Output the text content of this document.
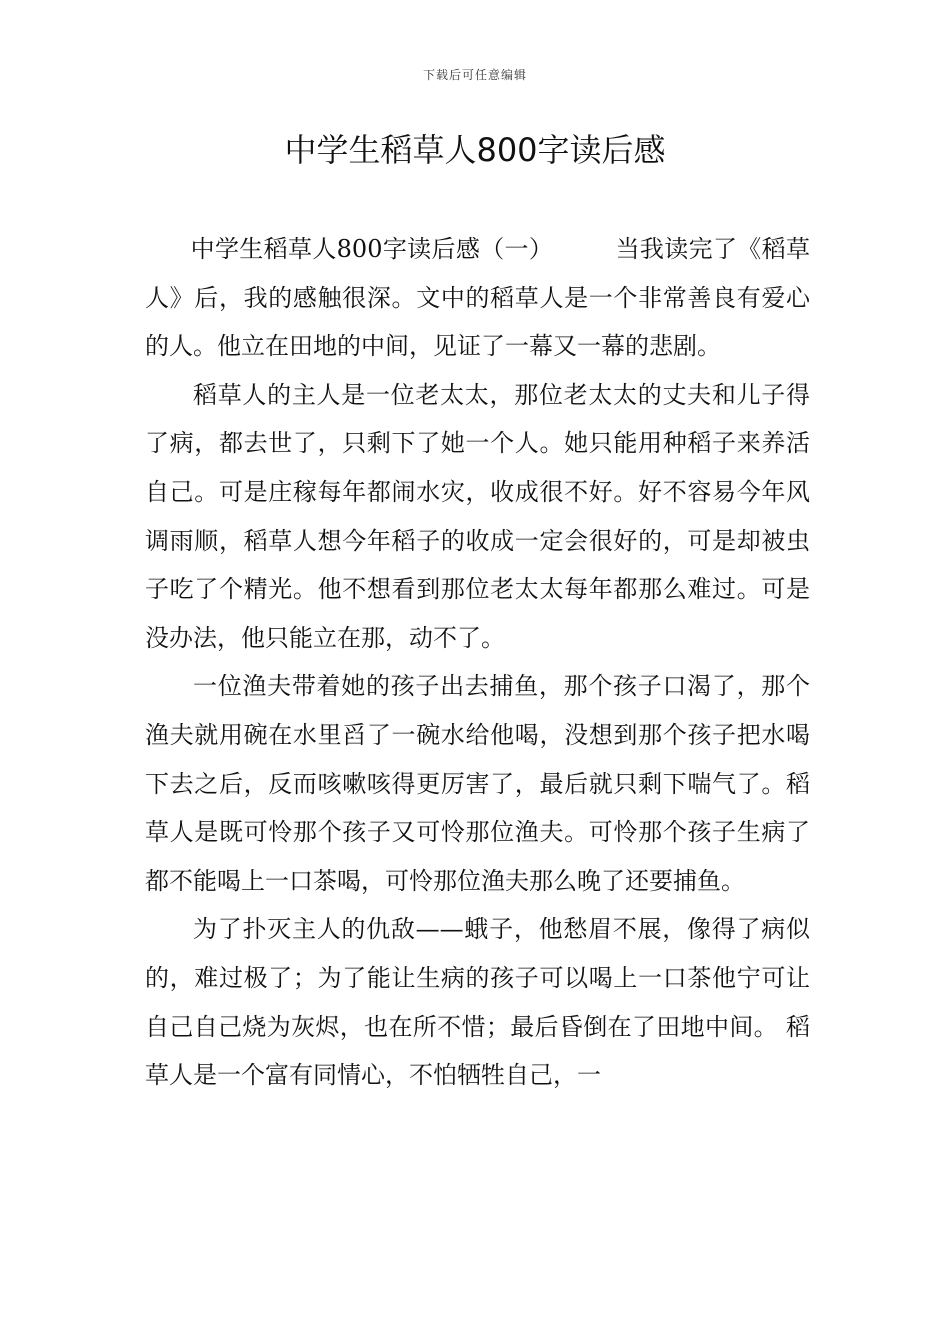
下载后可任意编辑
中学生稻草人800字读后感

中学生稻草人800字读后感（一）	当我读完了《稻草人》后，我的感触很深。文中的稻草人是一个非常善良有爱心的人。他立在田地的中间，见证了一幕又一幕的悲剧。

稻草人的主人是一位老太太，那位老太太的丈夫和儿子得了病，都去世了，只剩下了她一个人。她只能用种稻子来养活自己。可是庄稼每年都闹水灾，收成很不好。好不容易今年风调雨顺，稻草人想今年稻子的收成一定会很好的，可是却被虫子吃了个精光。他不想看到那位老太太每年都那么难过。可是没办法，他只能立在那，动不了。

一位渔夫带着她的孩子出去捕鱼，那个孩子口渴了，那个渔夫就用碗在水里舀了一碗水给他喝，没想到那个孩子把水喝下去之后，反而咳嗽咳得更厉害了，最后就只剩下喘气了。稻草人是既可怜那个孩子又可怜那位渔夫。可怜那个孩子生病了都不能喝上一口茶喝，可怜那位渔夫那么晚了还要捕鱼。

为了扑灭主人的仇敌——蛾子，他愁眉不展，像得了病似的，难过极了；为了能让生病的孩子可以喝上一口茶他宁可让自己自己烧为灰烬，也在所不惜；最后昏倒在了田地中间。 稻草人是一个富有同情心，不怕牺牲自己，一
